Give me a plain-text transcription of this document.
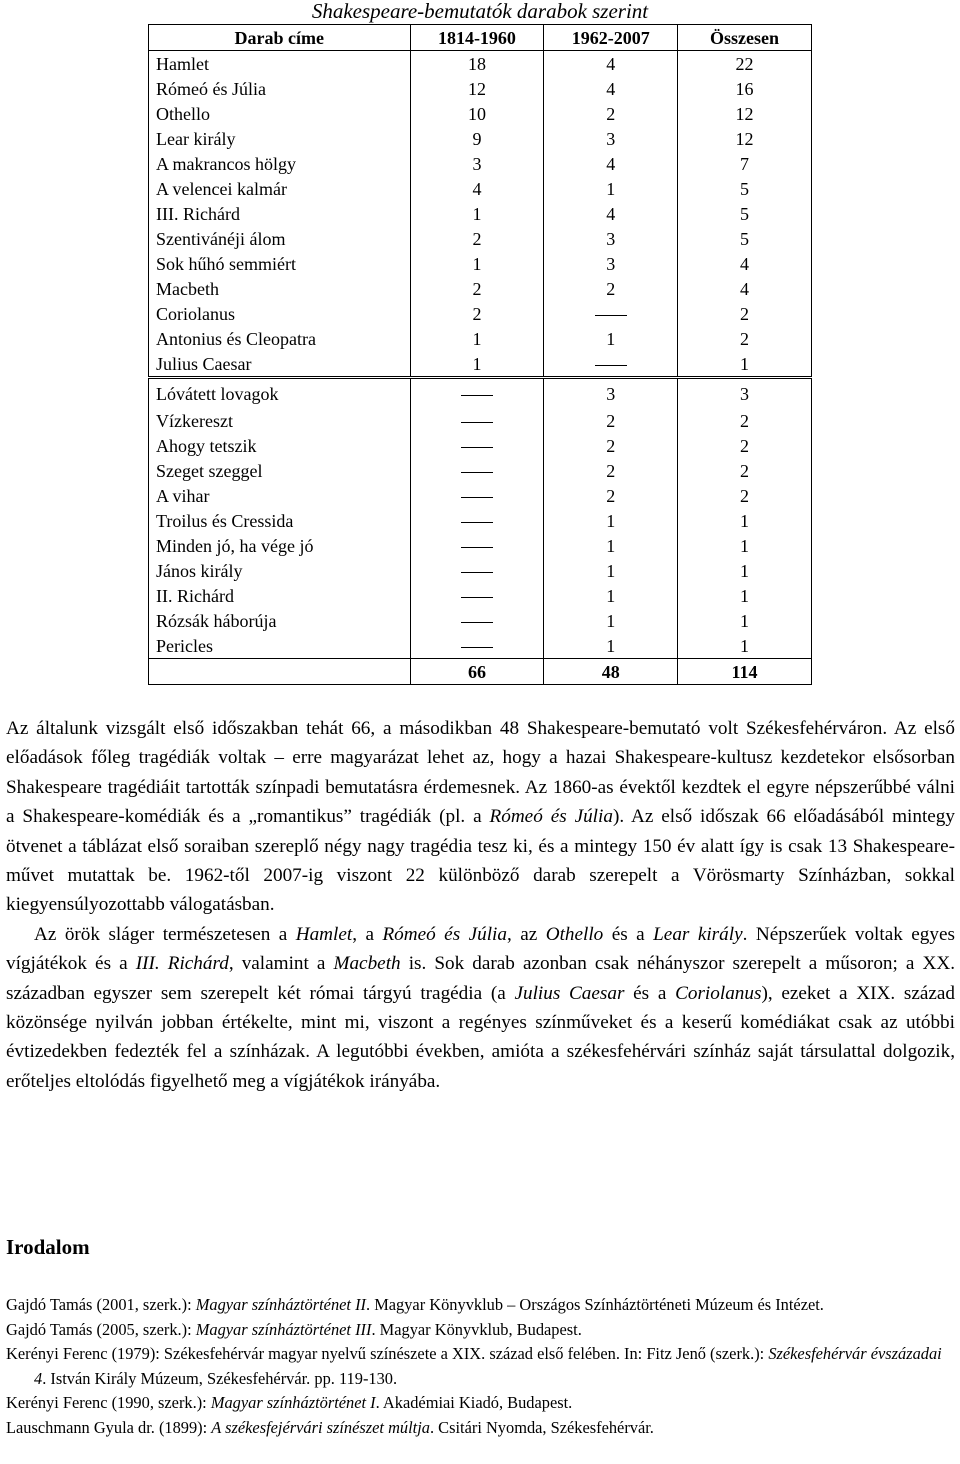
Shakespeare-bemutatók darabok szerint
Darab címe	1814-1960	1962-2007	Összesen
Hamlet	18	4	22
Rómeó és Júlia	12	4	16
Othello	10	2	12
Lear király	9	3	12
A makrancos hölgy	3	4	7
A velencei kalmár	4	1	5
III. Richárd	1	4	5
Szentivánéji álom	2	3	5
Sok hűhó semmiért	1	3	4
Macbeth	2	2	4
Coriolanus	2		2
Antonius és Cleopatra	1	1	2
Julius Caesar	1		1
Lóvátett lovagok		3	3
Vízkereszt		2	2
Ahogy tetszik		2	2
Szeget szeggel		2	2
A vihar		2	2
Troilus és Cressida		1	1
Minden jó, ha vége jó		1	1
János király		1	1
II. Richárd		1	1
Rózsák háborúja		1	1
Pericles		1	1
	66	48	114

Az általunk vizsgált első időszakban tehát 66, a másodikban 48 Shakespeare-bemutató volt Székesfehérváron. Az első előadások főleg tragédiák voltak – erre magyarázat lehet az, hogy a hazai Shakespeare-kultusz kezdetekor elsősorban Shakespeare tragédiáit tartották színpadi bemutatásra érdemesnek. Az 1860-as évektől kezdtek el egyre népszerűbbé válni a Shakespeare-komédiák és a „romantikus” tragédiák (pl. a Rómeó és Júlia). Az első időszak 66 előadásából mintegy ötvenet a táblázat első soraiban szereplő négy nagy tragédia tesz ki, és a mintegy 150 év alatt így is csak 13 Shakespeare-művet mutattak be. 1962-től 2007-ig viszont 22 különböző darab szerepelt a Vörösmarty Színházban, sokkal kiegyensúlyozottabb válogatásban.

Az örök sláger természetesen a Hamlet, a Rómeó és Júlia, az Othello és a Lear király. Népszerűek voltak egyes vígjátékok és a III. Richárd, valamint a Macbeth is. Sok darab azonban csak néhányszor szerepelt a műsoron; a XX. században egyszer sem szerepelt két római tárgyú tragédia (a Julius Caesar és a Coriolanus), ezeket a XIX. század közönsége nyilván jobban értékelte, mint mi, viszont a regényes színműveket és a keserű komédiákat csak az utóbbi évtizedekben fedezték fel a színházak. A legutóbbi években, amióta a székesfehérvári színház saját társulattal dolgozik, erőteljes eltolódás figyelhető meg a vígjátékok irányába.

Irodalom
Gajdó Tamás (2001, szerk.): Magyar színháztörténet II. Magyar Könyvklub – Országos Színháztörténeti Múzeum és Intézet.
Gajdó Tamás (2005, szerk.): Magyar színháztörténet III. Magyar Könyvklub, Budapest.
Kerényi Ferenc (1979): Székesfehérvár magyar nyelvű színészete a XIX. század első felében. In: Fitz Jenő (szerk.): Székesfehérvár évszázadai 4. István Király Múzeum, Székesfehérvár. pp. 119-130.
Kerényi Ferenc (1990, szerk.): Magyar színháztörténet I. Akadémiai Kiadó, Budapest.
Lauschmann Gyula dr. (1899): A székesfejérvári színészet múltja. Csitári Nyomda, Székesfehérvár.
